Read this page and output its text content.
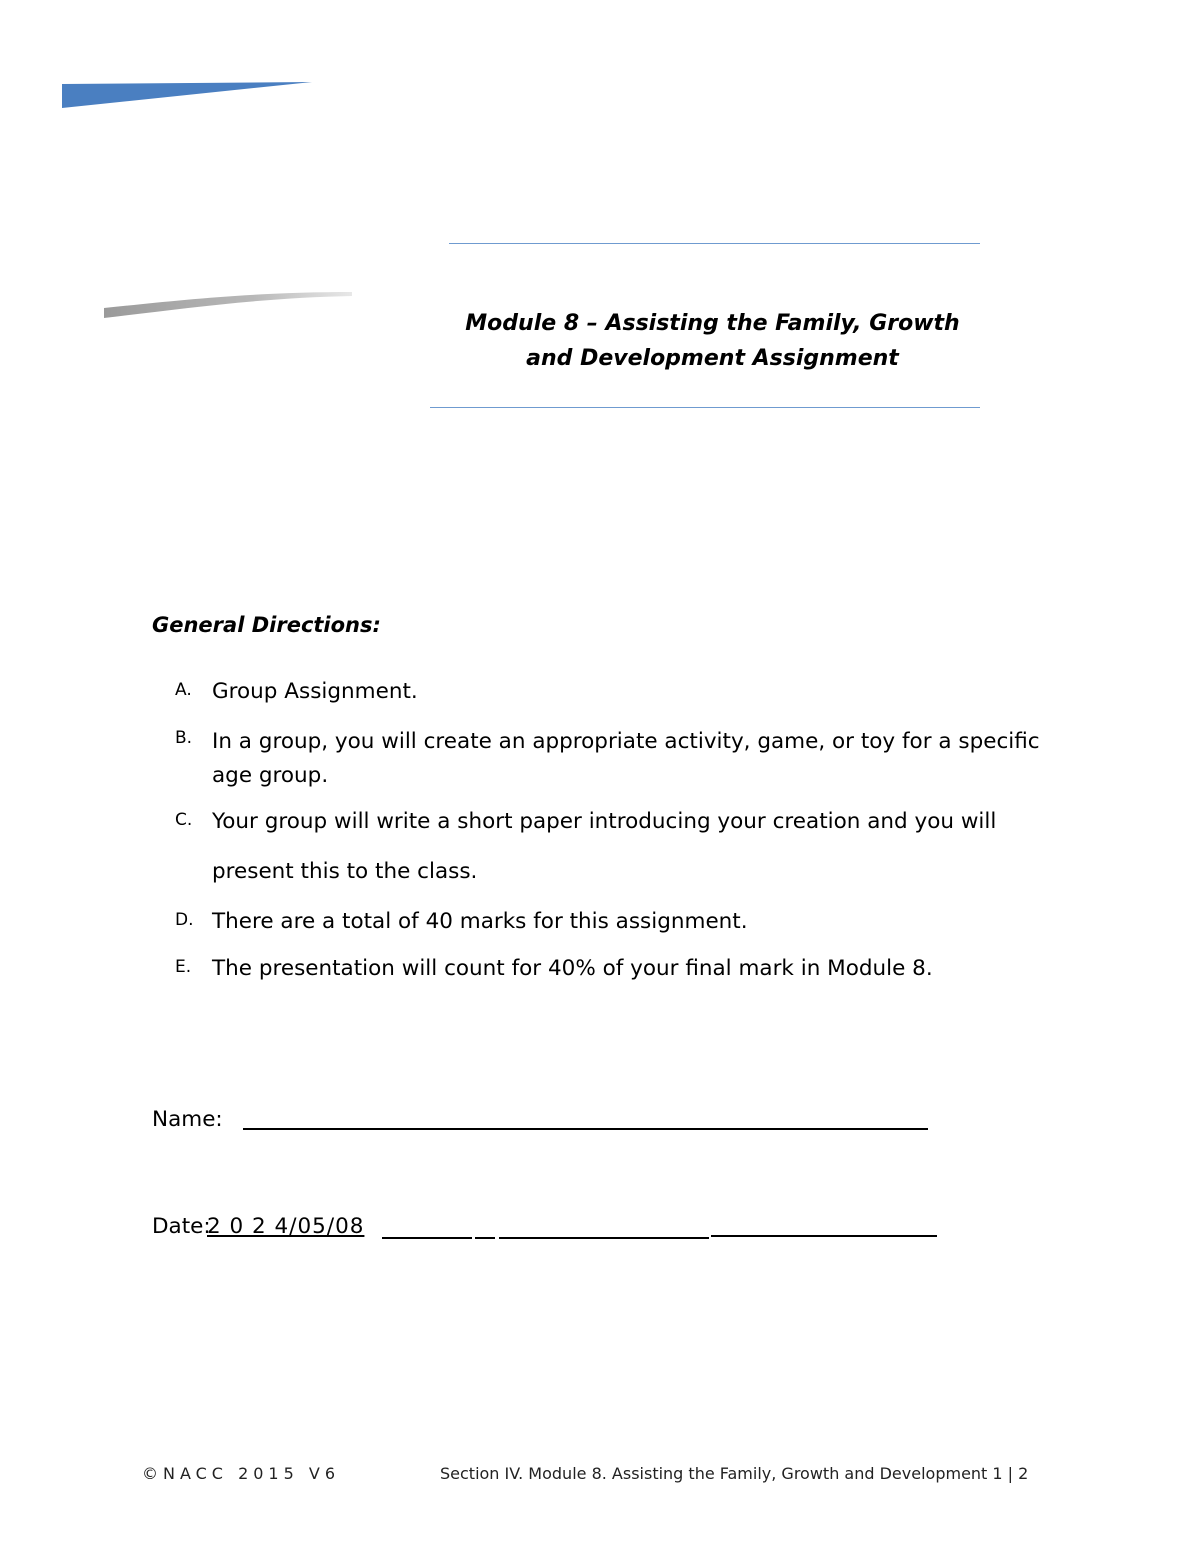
Module 8 – Assisting the Family, Growth
and Development Assignment
General Directions:
A. Group Assignment.
B. In a group, you will create an appropriate activity, game, or toy for a specific
age group.
C. Your group will write a short paper introducing your creation and you will
present this to the class.
D. There are a total of 40 marks for this assignment.
E. The presentation will count for 40% of your final mark in Module 8.
Name:
Date:
2 0 2 4/05/08
©NACC 2015 V6	Section IV. Module 8. Assisting the Family, Growth and Development 1 | 2
